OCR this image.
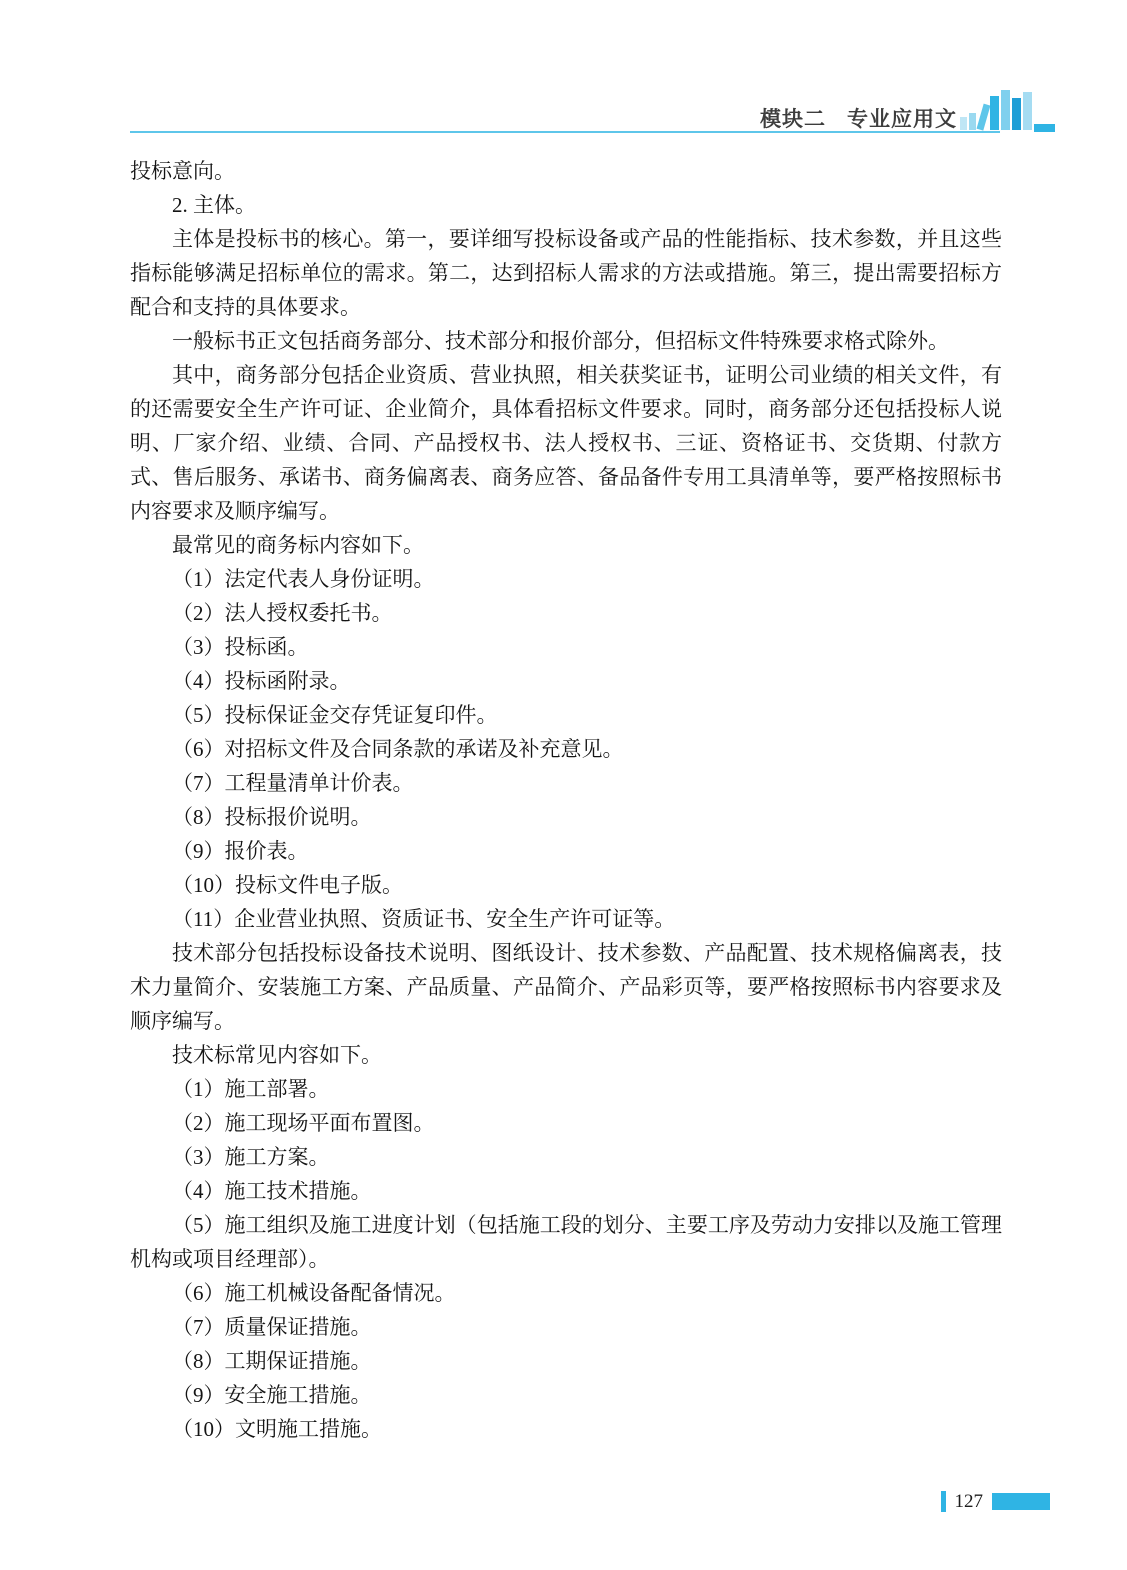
模块二 专业应用文

投标意向。

2. 主体。

主体是投标书的核心。第一，要详细写投标设备或产品的性能指标、技术参数，并且这些指标能够满足招标单位的需求。第二，达到招标人需求的方法或措施。第三，提出需要招标方配合和支持的具体要求。

一般标书正文包括商务部分、技术部分和报价部分，但招标文件特殊要求格式除外。

其中，商务部分包括企业资质、营业执照，相关获奖证书，证明公司业绩的相关文件，有的还需要安全生产许可证、企业简介，具体看招标文件要求。同时，商务部分还包括投标人说明、厂家介绍、业绩、合同、产品授权书、法人授权书、三证、资格证书、交货期、付款方式、售后服务、承诺书、商务偏离表、商务应答、备品备件专用工具清单等，要严格按照标书内容要求及顺序编写。

最常见的商务标内容如下。

（1）法定代表人身份证明。

（2）法人授权委托书。

（3）投标函。

（4）投标函附录。

（5）投标保证金交存凭证复印件。

（6）对招标文件及合同条款的承诺及补充意见。

（7）工程量清单计价表。

（8）投标报价说明。

（9）报价表。

（10）投标文件电子版。

（11）企业营业执照、资质证书、安全生产许可证等。

技术部分包括投标设备技术说明、图纸设计、技术参数、产品配置、技术规格偏离表，技术力量简介、安装施工方案、产品质量、产品简介、产品彩页等，要严格按照标书内容要求及顺序编写。

技术标常见内容如下。

（1）施工部署。

（2）施工现场平面布置图。

（3）施工方案。

（4）施工技术措施。

（5）施工组织及施工进度计划（包括施工段的划分、主要工序及劳动力安排以及施工管理机构或项目经理部）。

（6）施工机械设备配备情况。

（7）质量保证措施。

（8）工期保证措施。

（9）安全施工措施。

（10）文明施工措施。

127
